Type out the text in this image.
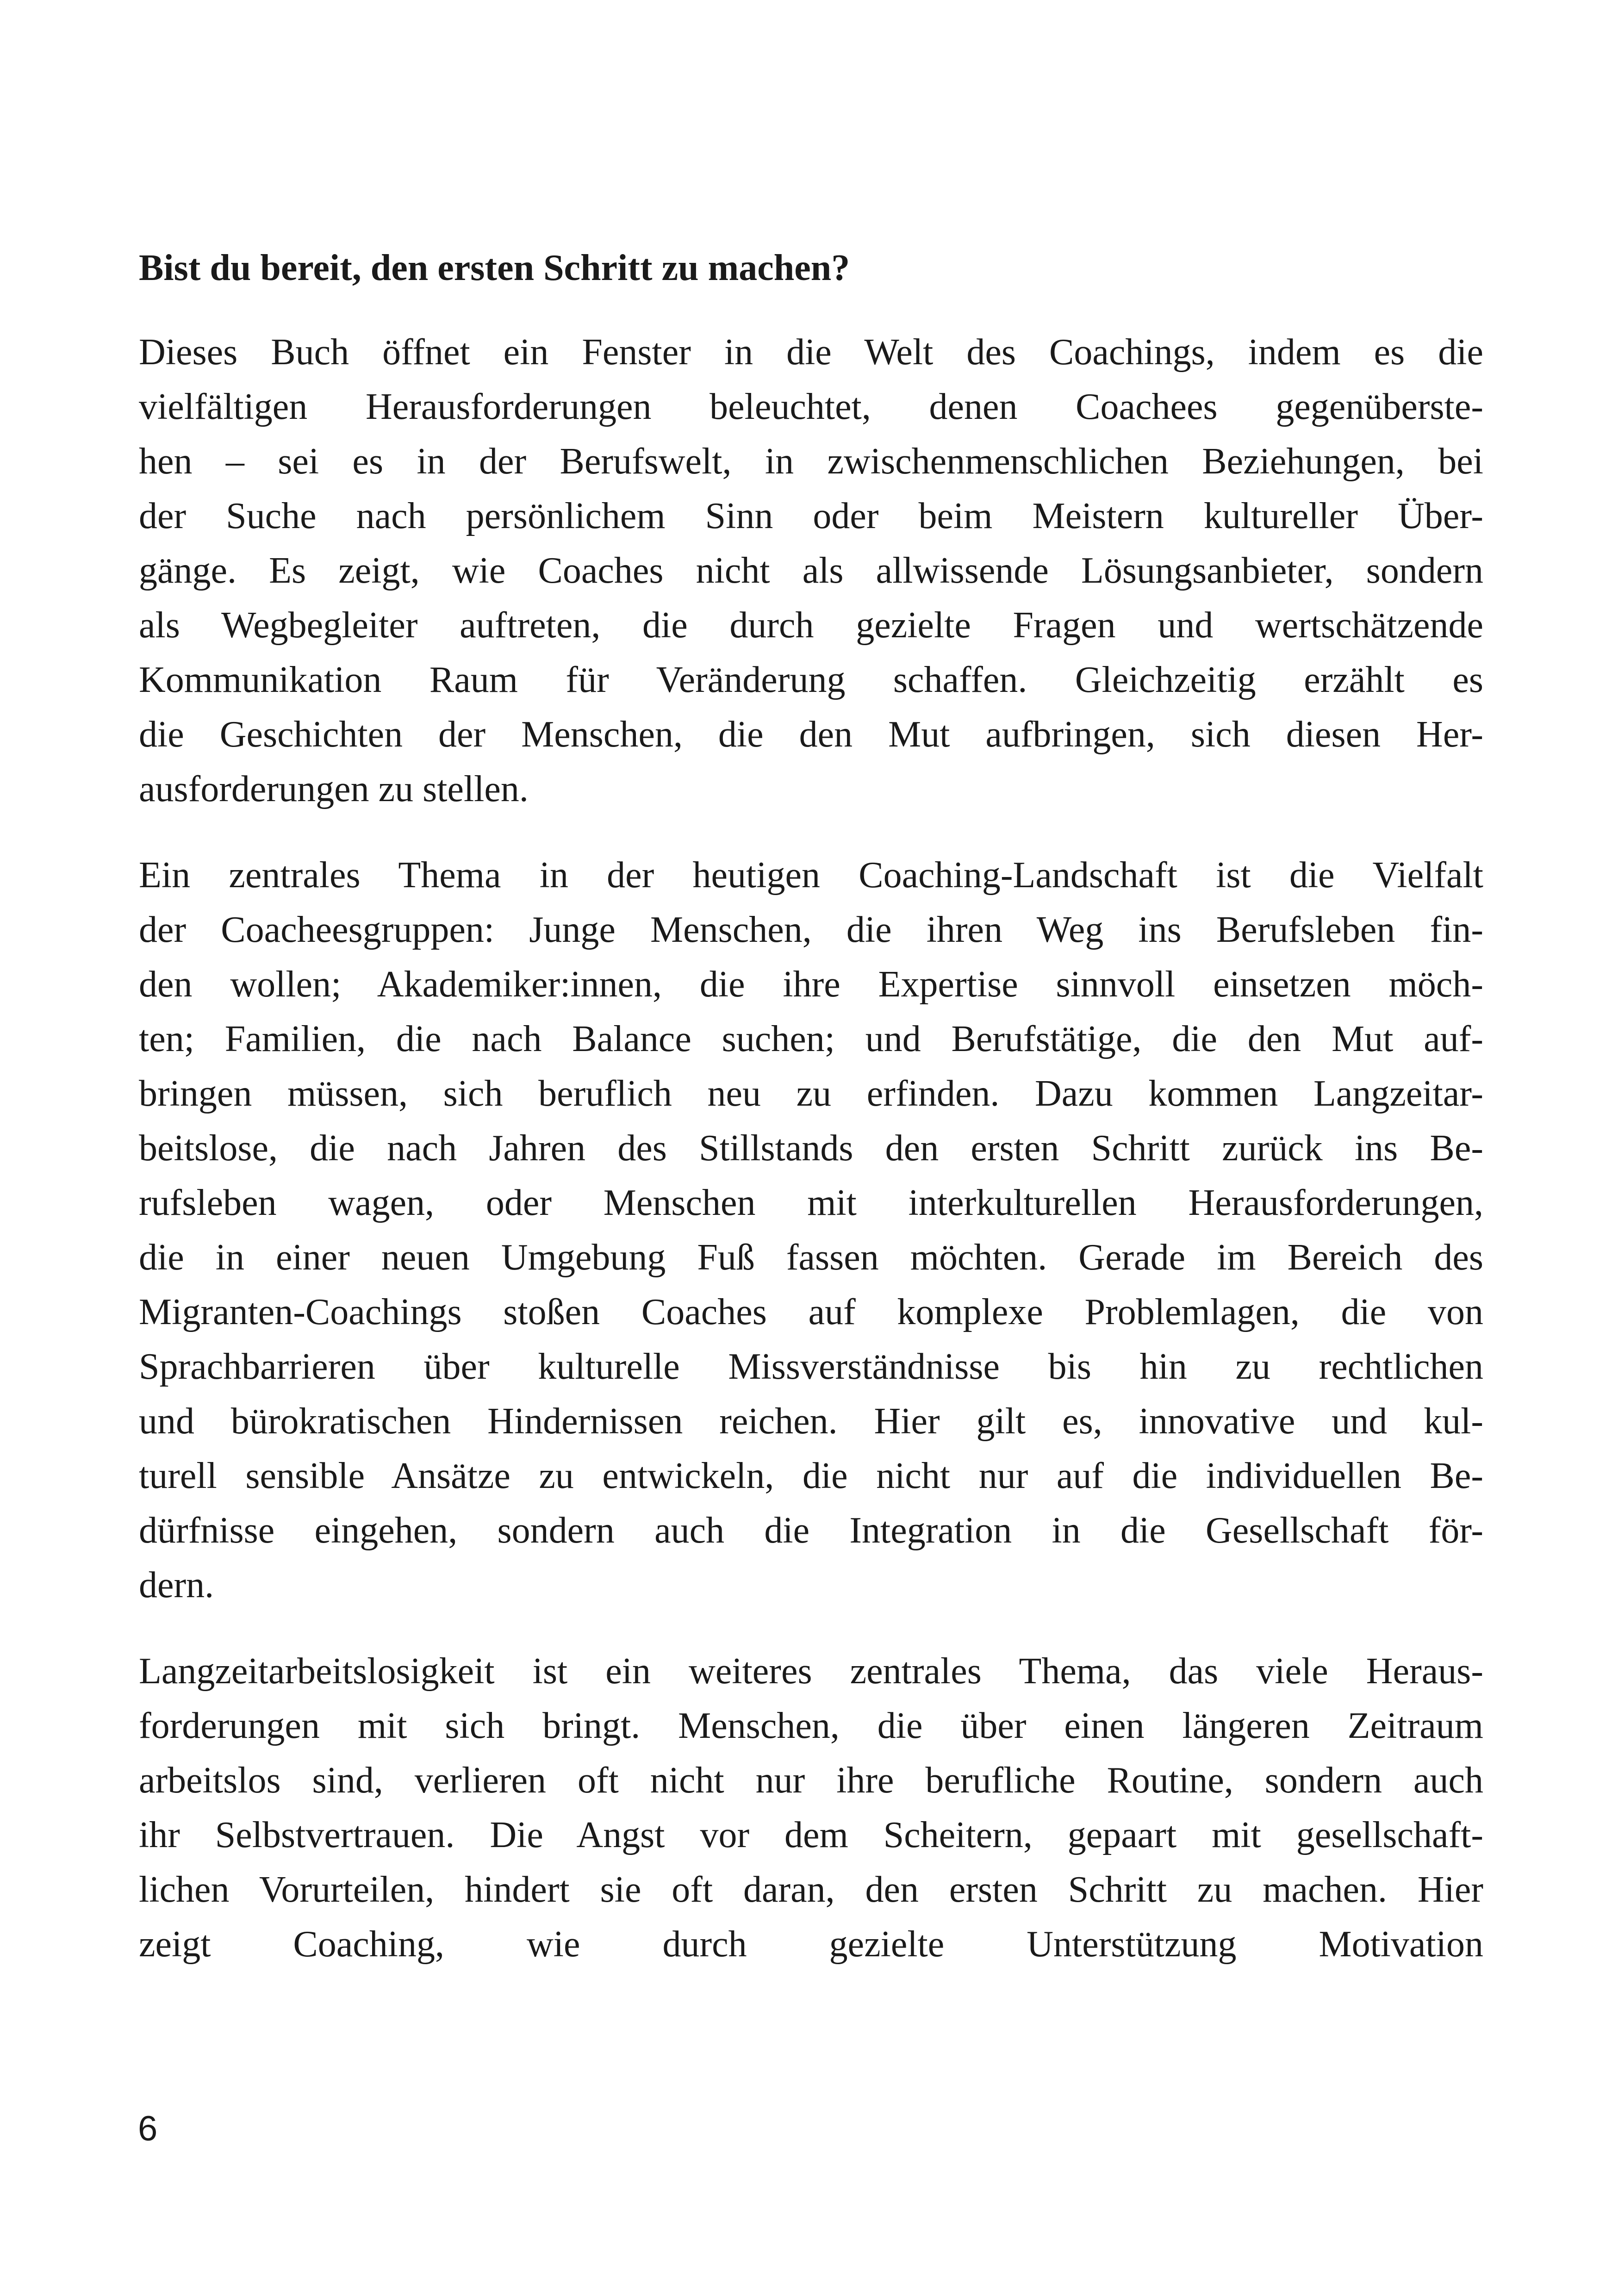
Bist du bereit, den ersten Schritt zu machen?
Dieses Buch öffnet ein Fenster in die Welt des Coachings, indem es die
vielfältigen Herausforderungen beleuchtet, denen Coachees gegenüberste-
hen – sei es in der Berufswelt, in zwischenmenschlichen Beziehungen, bei
der Suche nach persönlichem Sinn oder beim Meistern kultureller Über-
gänge. Es zeigt, wie Coaches nicht als allwissende Lösungsanbieter, sondern
als Wegbegleiter auftreten, die durch gezielte Fragen und wertschätzende
Kommunikation Raum für Veränderung schaffen. Gleichzeitig erzählt es
die Geschichten der Menschen, die den Mut aufbringen, sich diesen Her-
ausforderungen zu stellen.
Ein zentrales Thema in der heutigen Coaching-Landschaft ist die Vielfalt
der Coacheesgruppen: Junge Menschen, die ihren Weg ins Berufsleben fin-
den wollen; Akademiker:innen, die ihre Expertise sinnvoll einsetzen möch-
ten; Familien, die nach Balance suchen; und Berufstätige, die den Mut auf-
bringen müssen, sich beruflich neu zu erfinden. Dazu kommen Langzeitar-
beitslose, die nach Jahren des Stillstands den ersten Schritt zurück ins Be-
rufsleben wagen, oder Menschen mit interkulturellen Herausforderungen,
die in einer neuen Umgebung Fuß fassen möchten. Gerade im Bereich des
Migranten-Coachings stoßen Coaches auf komplexe Problemlagen, die von
Sprachbarrieren über kulturelle Missverständnisse bis hin zu rechtlichen
und bürokratischen Hindernissen reichen. Hier gilt es, innovative und kul-
turell sensible Ansätze zu entwickeln, die nicht nur auf die individuellen Be-
dürfnisse eingehen, sondern auch die Integration in die Gesellschaft för-
dern.
Langzeitarbeitslosigkeit ist ein weiteres zentrales Thema, das viele Heraus-
forderungen mit sich bringt. Menschen, die über einen längeren Zeitraum
arbeitslos sind, verlieren oft nicht nur ihre berufliche Routine, sondern auch
ihr Selbstvertrauen. Die Angst vor dem Scheitern, gepaart mit gesellschaft-
lichen Vorurteilen, hindert sie oft daran, den ersten Schritt zu machen. Hier
zeigt Coaching, wie durch gezielte Unterstützung Motivation
6
